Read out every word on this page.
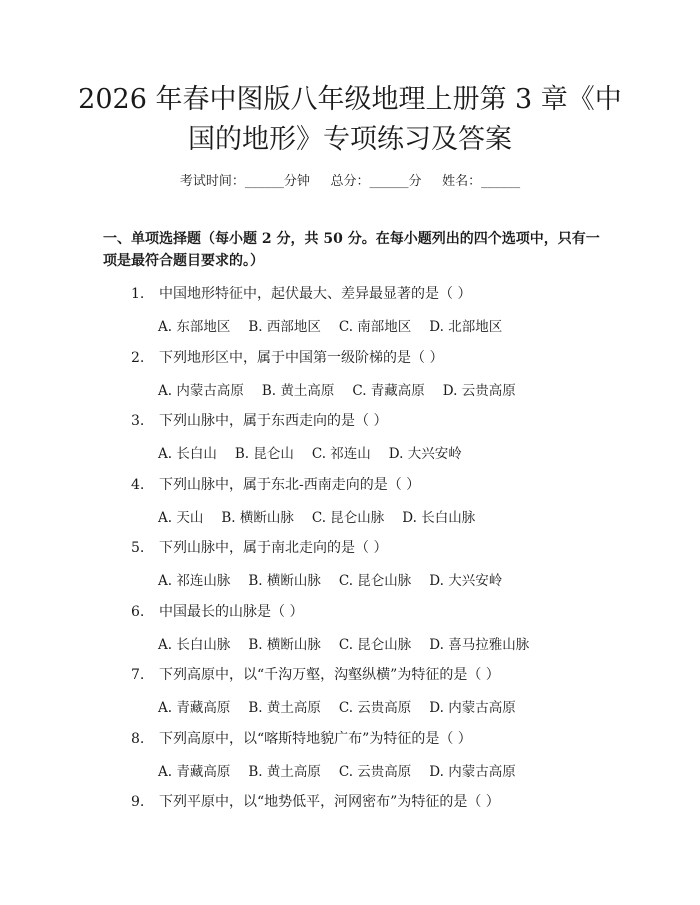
2026 年春中图版八年级地理上册第 3 章《中
国的地形》专项练习及答案
考试时间：______分钟     总分：______分     姓名：______

一、单项选择题（每小题 2 分，共 50 分。在每小题列出的四个选项中，只有一项是最符合题目要求的。）

1. 中国地形特征中，起伏最大、差异最显著的是（ ）
A. 东部地区 B. 西部地区 C. 南部地区 D. 北部地区
2. 下列地形区中，属于中国第一级阶梯的是（ ）
A. 内蒙古高原 B. 黄土高原 C. 青藏高原 D. 云贵高原
3. 下列山脉中，属于东西走向的是（ ）
A. 长白山 B. 昆仑山 C. 祁连山 D. 大兴安岭
4. 下列山脉中，属于东北-西南走向的是（ ）
A. 天山 B. 横断山脉 C. 昆仑山脉 D. 长白山脉
5. 下列山脉中，属于南北走向的是（ ）
A. 祁连山脉 B. 横断山脉 C. 昆仑山脉 D. 大兴安岭
6. 中国最长的山脉是（ ）
A. 长白山脉 B. 横断山脉 C. 昆仑山脉 D. 喜马拉雅山脉
7. 下列高原中，以“千沟万壑，沟壑纵横”为特征的是（ ）
A. 青藏高原 B. 黄土高原 C. 云贵高原 D. 内蒙古高原
8. 下列高原中，以“喀斯特地貌广布”为特征的是（ ）
A. 青藏高原 B. 黄土高原 C. 云贵高原 D. 内蒙古高原
9. 下列平原中，以“地势低平，河网密布”为特征的是（ ）
